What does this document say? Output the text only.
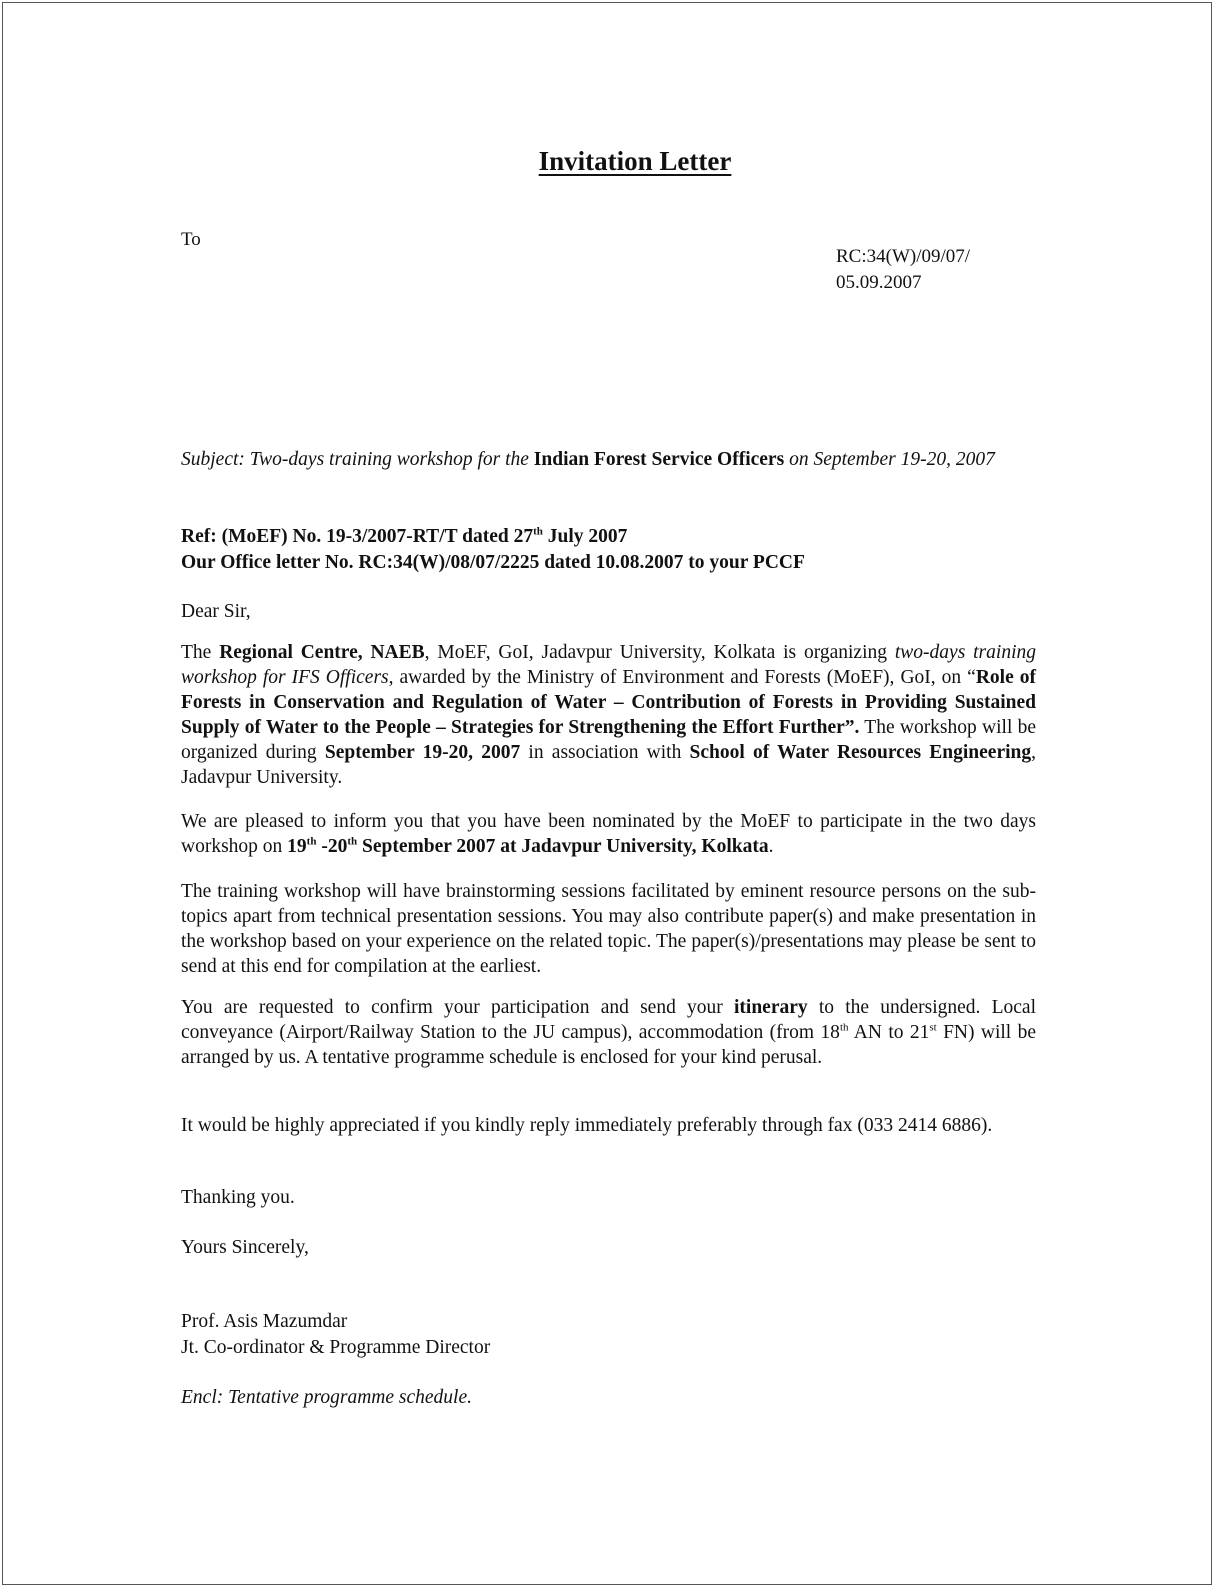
Invitation Letter
To
RC:34(W)/09/07/
05.09.2007
Subject: Two-days training workshop for the Indian Forest Service Officers on September 19-20, 2007
Ref: (MoEF) No. 19-3/2007-RT/T dated 27th July 2007
Our Office letter No. RC:34(W)/08/07/2225 dated 10.08.2007 to your PCCF
Dear Sir,
The Regional Centre, NAEB, MoEF, GoI, Jadavpur University, Kolkata is organizing two-days training workshop for IFS Officers, awarded by the Ministry of Environment and Forests (MoEF), GoI, on “Role of Forests in Conservation and Regulation of Water – Contribution of Forests in Providing Sustained Supply of Water to the People – Strategies for Strengthening the Effort Further”. The workshop will be organized during September 19-20, 2007 in association with School of Water Resources Engineering, Jadavpur University.
We are pleased to inform you that you have been nominated by the MoEF to participate in the two days workshop on 19th -20th September 2007 at Jadavpur University, Kolkata.
The training workshop will have brainstorming sessions facilitated by eminent resource persons on the sub-topics apart from technical presentation sessions. You may also contribute paper(s) and make presentation in the workshop based on your experience on the related topic. The paper(s)/presentations may please be sent to send at this end for compilation at the earliest.
You are requested to confirm your participation and send your itinerary to the undersigned. Local conveyance (Airport/Railway Station to the JU campus), accommodation (from 18th AN to 21st FN) will be arranged by us. A tentative programme schedule is enclosed for your kind perusal.
It would be highly appreciated if you kindly reply immediately preferably through fax (033 2414 6886).
Thanking you.
Yours Sincerely,
Prof. Asis Mazumdar
Jt. Co-ordinator & Programme Director
Encl: Tentative programme schedule.
